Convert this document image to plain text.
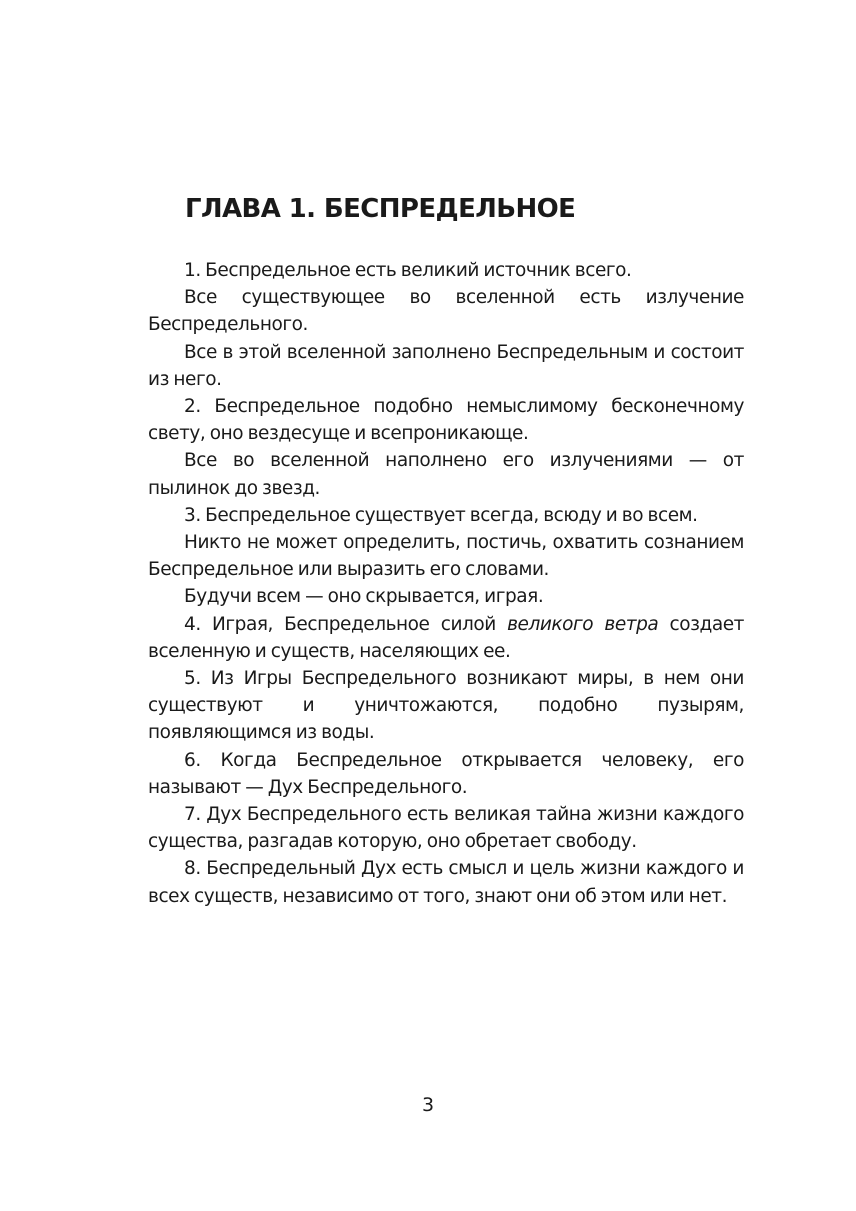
ГЛАВА 1. БЕСПРЕДЕЛЬНОЕ

1. Беспредельное есть великий источник всего.

Все существующее во вселенной есть излучение Беспредельного.

Все в этой вселенной заполнено Беспредельным и состоит из него.

2. Беспредельное подобно немыслимому бесконечному свету, оно вездесуще и всепроникающе.

Все во вселенной наполнено его излучениями — от пылинок до звезд.

3. Беспредельное существует всегда, всюду и во всем.

Никто не может определить, постичь, охватить сознанием Беспредельное или выразить его словами.

Будучи всем — оно скрывается, играя.

4. Играя, Беспредельное силой великого ветра создает вселенную и существ, населяющих ее.

5. Из Игры Беспредельного возникают миры, в нем они существуют и уничтожаются, подобно пузырям, появляющимся из воды.

6. Когда Беспредельное открывается человеку, его называют — Дух Беспредельного.

7. Дух Беспредельного есть великая тайна жизни каждого существа, разгадав которую, оно обретает свободу.

8. Беспредельный Дух есть смысл и цель жизни каждого и всех существ, независимо от того, знают они об этом или нет.

3
